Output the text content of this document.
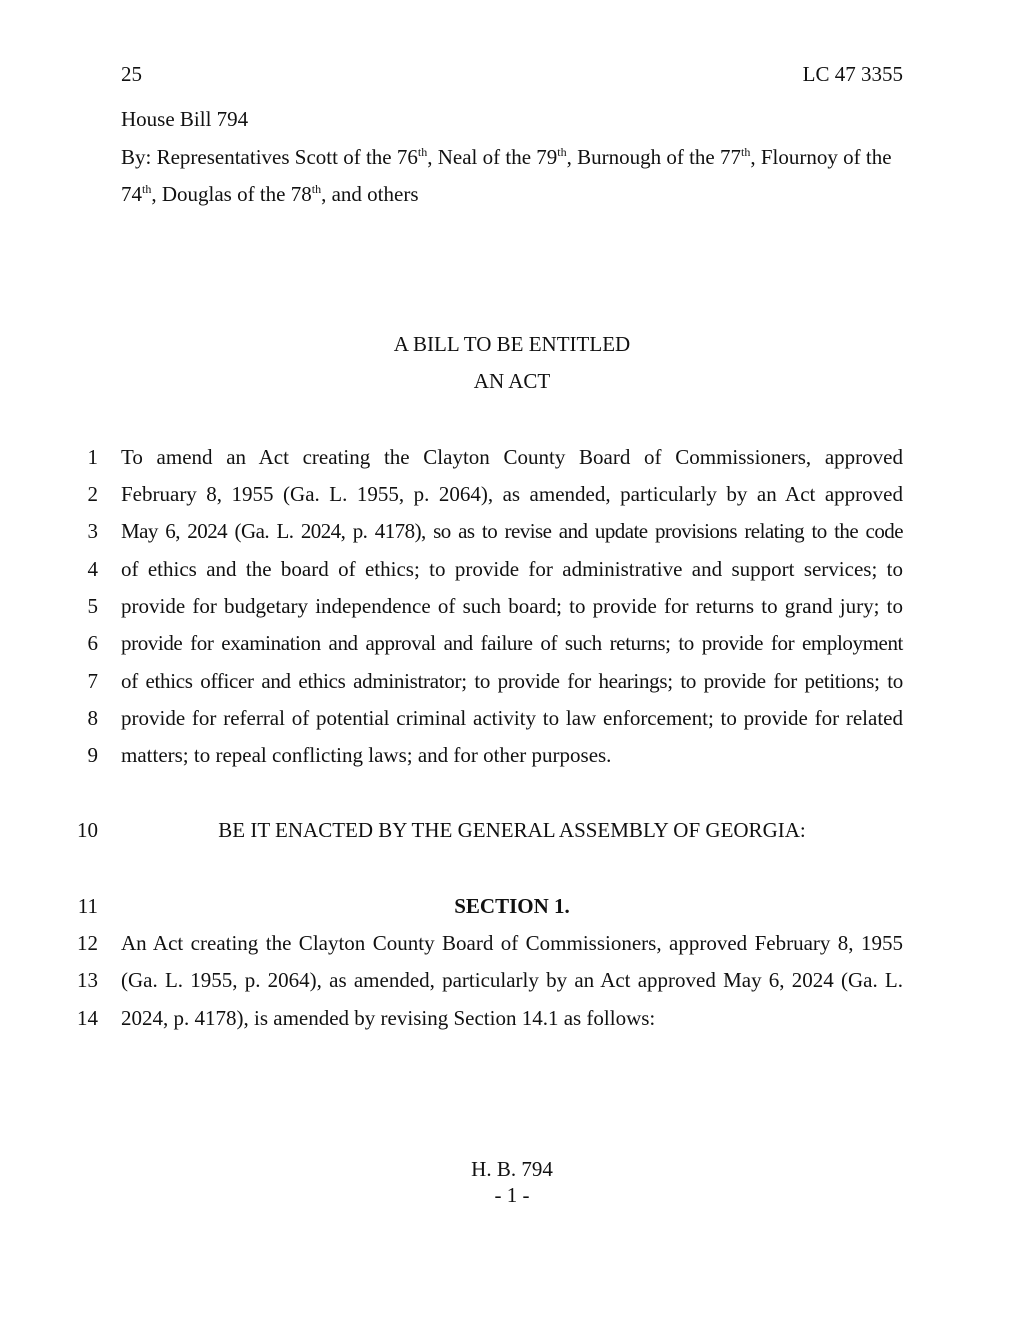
25	LC 47 3355
House Bill 794
By: Representatives Scott of the 76th, Neal of the 79th, Burnough of the 77th, Flournoy of the
74th, Douglas of the 78th, and others
A BILL TO BE ENTITLED
AN ACT
1 To amend an Act creating the Clayton County Board of Commissioners, approved
2 February 8, 1955 (Ga. L. 1955, p. 2064), as amended, particularly by an Act approved
3 May 6, 2024 (Ga. L. 2024, p. 4178), so as to revise and update provisions relating to the code
4 of ethics and the board of ethics; to provide for administrative and support services; to
5 provide for budgetary independence of such board; to provide for returns to grand jury; to
6 provide for examination and approval and failure of such returns; to provide for employment
7 of ethics officer and ethics administrator; to provide for hearings; to provide for petitions; to
8 provide for referral of potential criminal activity to law enforcement; to provide for related
9 matters; to repeal conflicting laws; and for other purposes.
10	BE IT ENACTED BY THE GENERAL ASSEMBLY OF GEORGIA:
11	SECTION 1.
12 An Act creating the Clayton County Board of Commissioners, approved February 8, 1955
13 (Ga. L. 1955, p. 2064), as amended, particularly by an Act approved May 6, 2024 (Ga. L.
14 2024, p. 4178), is amended by revising Section 14.1 as follows:
H. B. 794
- 1 -
